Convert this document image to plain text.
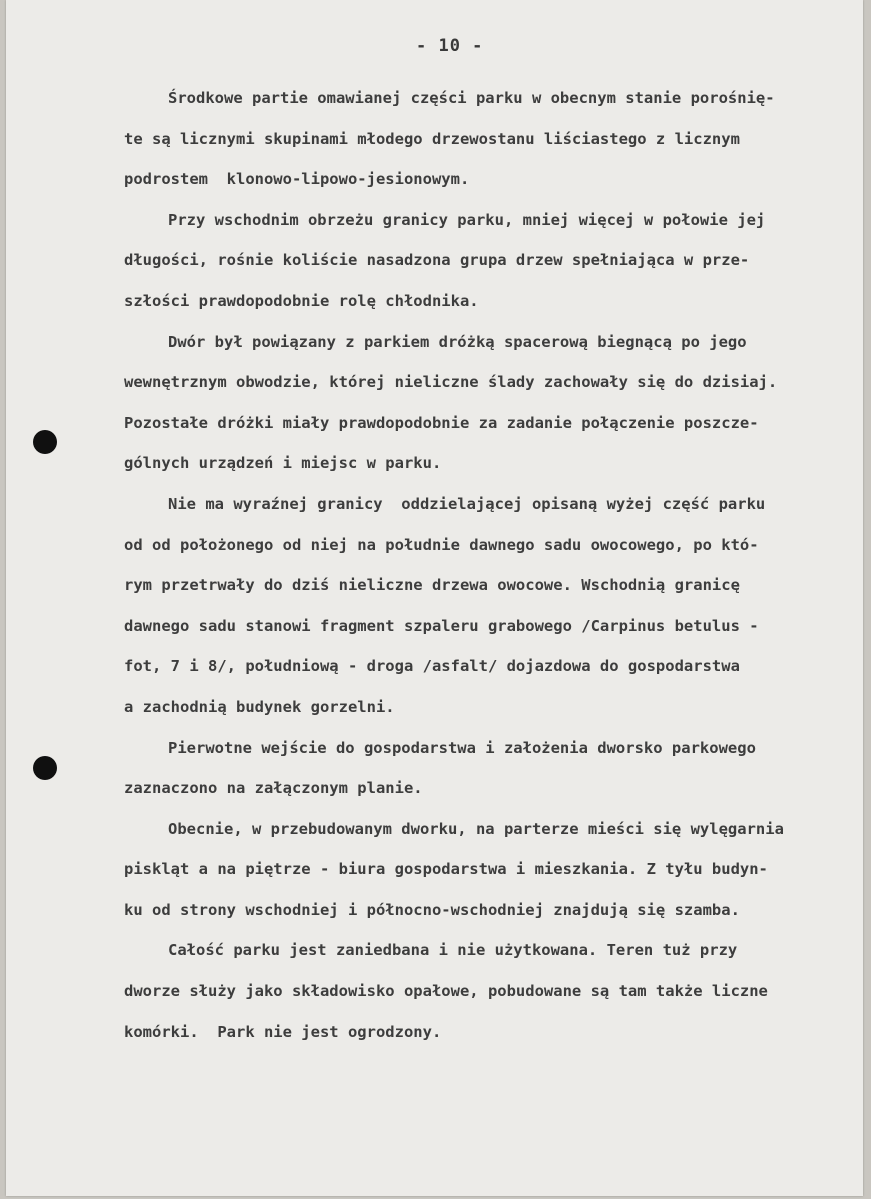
- 10 -
Środkowe partie omawianej części parku w obecnym stanie porośnię-
te są licznymi skupinami młodego drzewostanu liściastego z licznym
podrostem  klonowo-lipowo-jesionowym.
Przy wschodnim obrzeżu granicy parku, mniej więcej w połowie jej
długości, rośnie koliście nasadzona grupa drzew spełniająca w prze-
szłości prawdopodobnie rolę chłodnika.
Dwór był powiązany z parkiem dróżką spacerową biegnącą po jego
wewnętrznym obwodzie, której nieliczne ślady zachowały się do dzisiaj.
Pozostałe dróżki miały prawdopodobnie za zadanie połączenie poszcze-
gólnych urządzeń i miejsc w parku.
Nie ma wyraźnej granicy  oddzielającej opisaną wyżej część parku
od od położonego od niej na południe dawnego sadu owocowego, po któ-
rym przetrwały do dziś nieliczne drzewa owocowe. Wschodnią granicę
dawnego sadu stanowi fragment szpaleru grabowego /Carpinus betulus -
fot, 7 i 8/, południową - droga /asfalt/ dojazdowa do gospodarstwa
a zachodnią budynek gorzelni.
Pierwotne wejście do gospodarstwa i założenia dworsko parkowego
zaznaczono na załączonym planie.
Obecnie, w przebudowanym dworku, na parterze mieści się wylęgarnia
piskląt a na piętrze - biura gospodarstwa i mieszkania. Z tyłu budyn-
ku od strony wschodniej i północno-wschodniej znajdują się szamba.
Całość parku jest zaniedbana i nie użytkowana. Teren tuż przy
dworze służy jako składowisko opałowe, pobudowane są tam także liczne
komórki.  Park nie jest ogrodzony.
